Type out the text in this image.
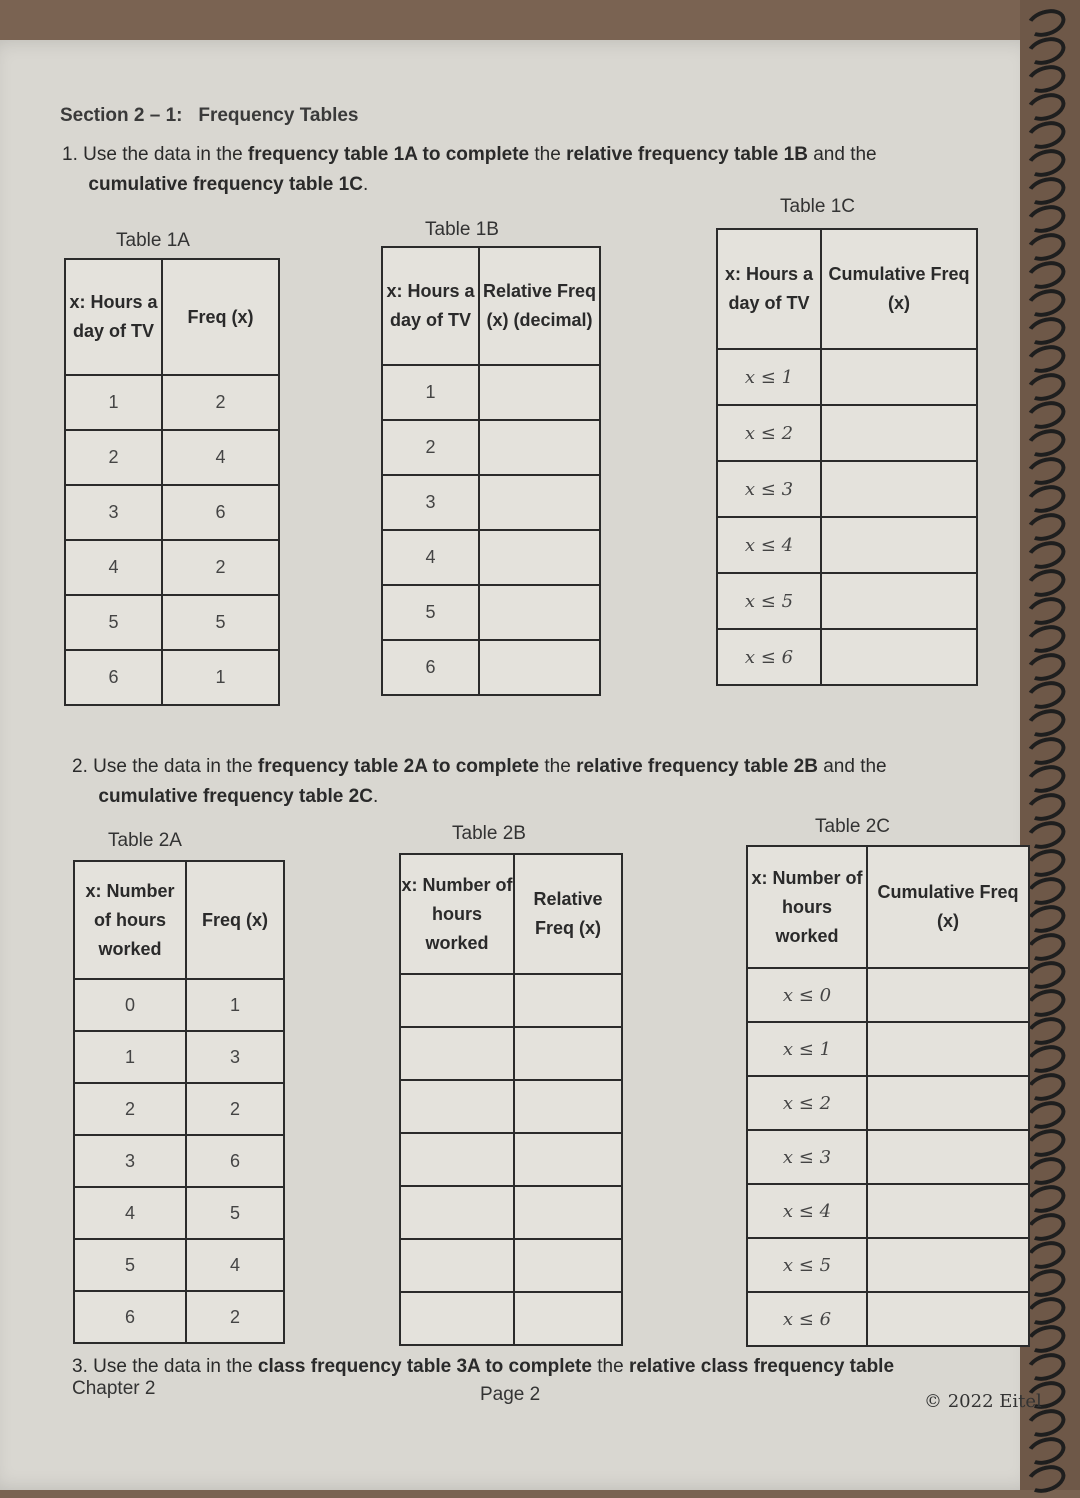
Section 2 – 1: Frequency Tables
1. Use the data in the frequency table 1A to complete the relative frequency table 1B and the
cumulative frequency table 1C.
Table 1A
x: Hours a day of TV	Freq (x)
1	2
2	4
3	6
4	2
5	5
6	1
Table 1B
x: Hours a day of TV	Relative Freq (x) (decimal)
1	
2	
3	
4	
5	
6	
Table 1C
x: Hours a day of TV	Cumulative Freq (x)
x ≤ 1	
x ≤ 2	
x ≤ 3	
x ≤ 4	
x ≤ 5	
x ≤ 6	
2. Use the data in the frequency table 2A to complete the relative frequency table 2B and the
cumulative frequency table 2C.
Table 2A
x: Number of hours worked	Freq (x)
0	1
1	3
2	2
3	6
4	5
5	4
6	2
Table 2B
x: Number of hours worked	Relative Freq (x)

Table 2C
x: Number of hours worked	Cumulative Freq (x)
x ≤ 0	
x ≤ 1	
x ≤ 2	
x ≤ 3	
x ≤ 4	
x ≤ 5	
x ≤ 6	
3. Use the data in the class frequency table 3A to complete the relative class frequency table
Chapter 2	Page 2	© 2022 Eitel
